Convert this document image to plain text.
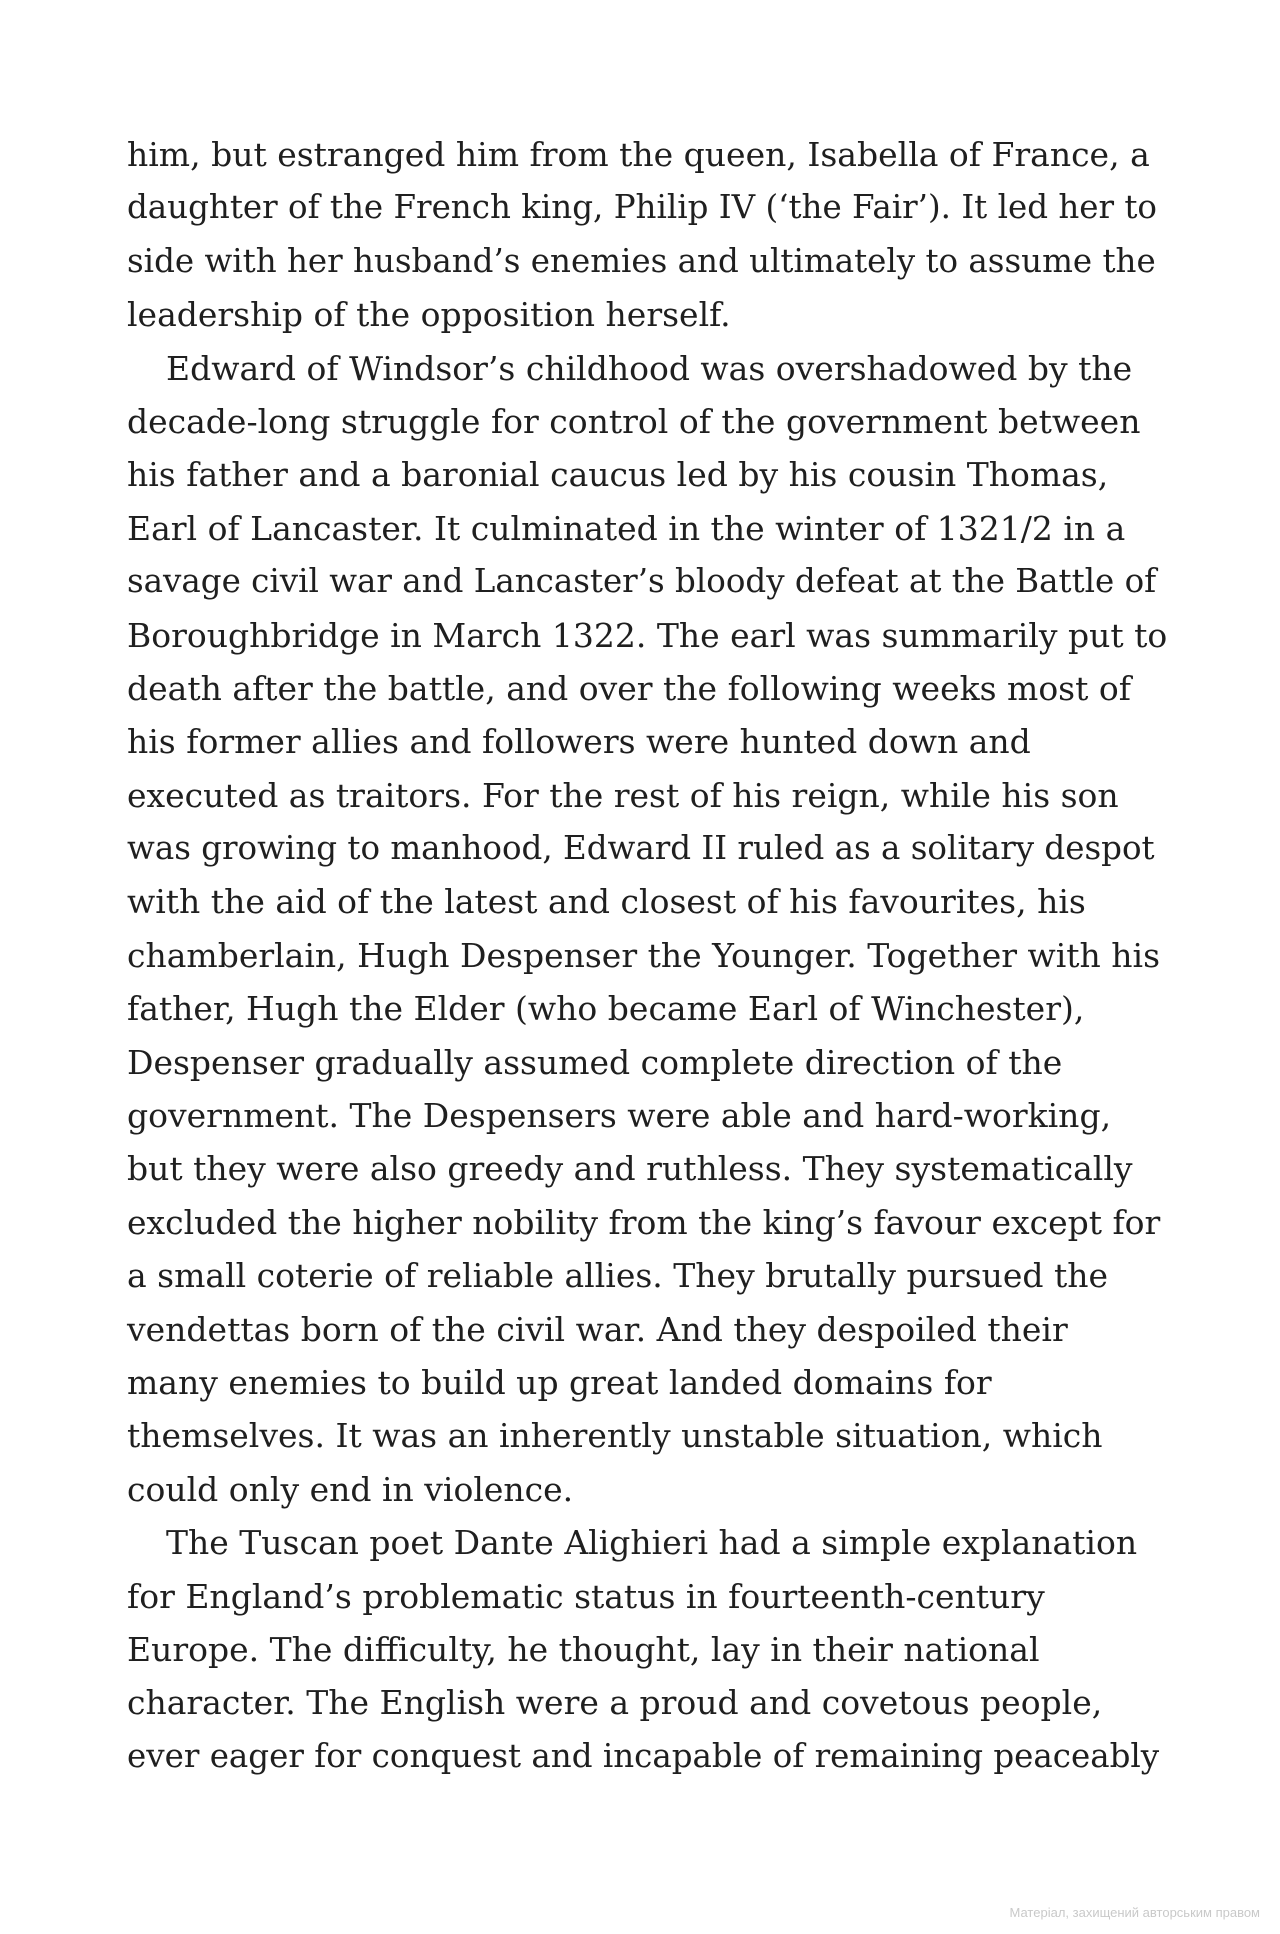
him, but estranged him from the queen, Isabella of France, a
daughter of the French king, Philip IV (‘the Fair’). It led her to
side with her husband’s enemies and ultimately to assume the
leadership of the opposition herself.
Edward of Windsor’s childhood was overshadowed by the
decade-long struggle for control of the government between
his father and a baronial caucus led by his cousin Thomas,
Earl of Lancaster. It culminated in the winter of 1321/2 in a
savage civil war and Lancaster’s bloody defeat at the Battle of
Boroughbridge in March 1322. The earl was summarily put to
death after the battle, and over the following weeks most of
his former allies and followers were hunted down and
executed as traitors. For the rest of his reign, while his son
was growing to manhood, Edward II ruled as a solitary despot
with the aid of the latest and closest of his favourites, his
chamberlain, Hugh Despenser the Younger. Together with his
father, Hugh the Elder (who became Earl of Winchester),
Despenser gradually assumed complete direction of the
government. The Despensers were able and hard-working,
but they were also greedy and ruthless. They systematically
excluded the higher nobility from the king’s favour except for
a small coterie of reliable allies. They brutally pursued the
vendettas born of the civil war. And they despoiled their
many enemies to build up great landed domains for
themselves. It was an inherently unstable situation, which
could only end in violence.
The Tuscan poet Dante Alighieri had a simple explanation
for England’s problematic status in fourteenth-century
Europe. The difficulty, he thought, lay in their national
character. The English were a proud and covetous people,
ever eager for conquest and incapable of remaining peaceably
Матеріал, захищений авторським правом
